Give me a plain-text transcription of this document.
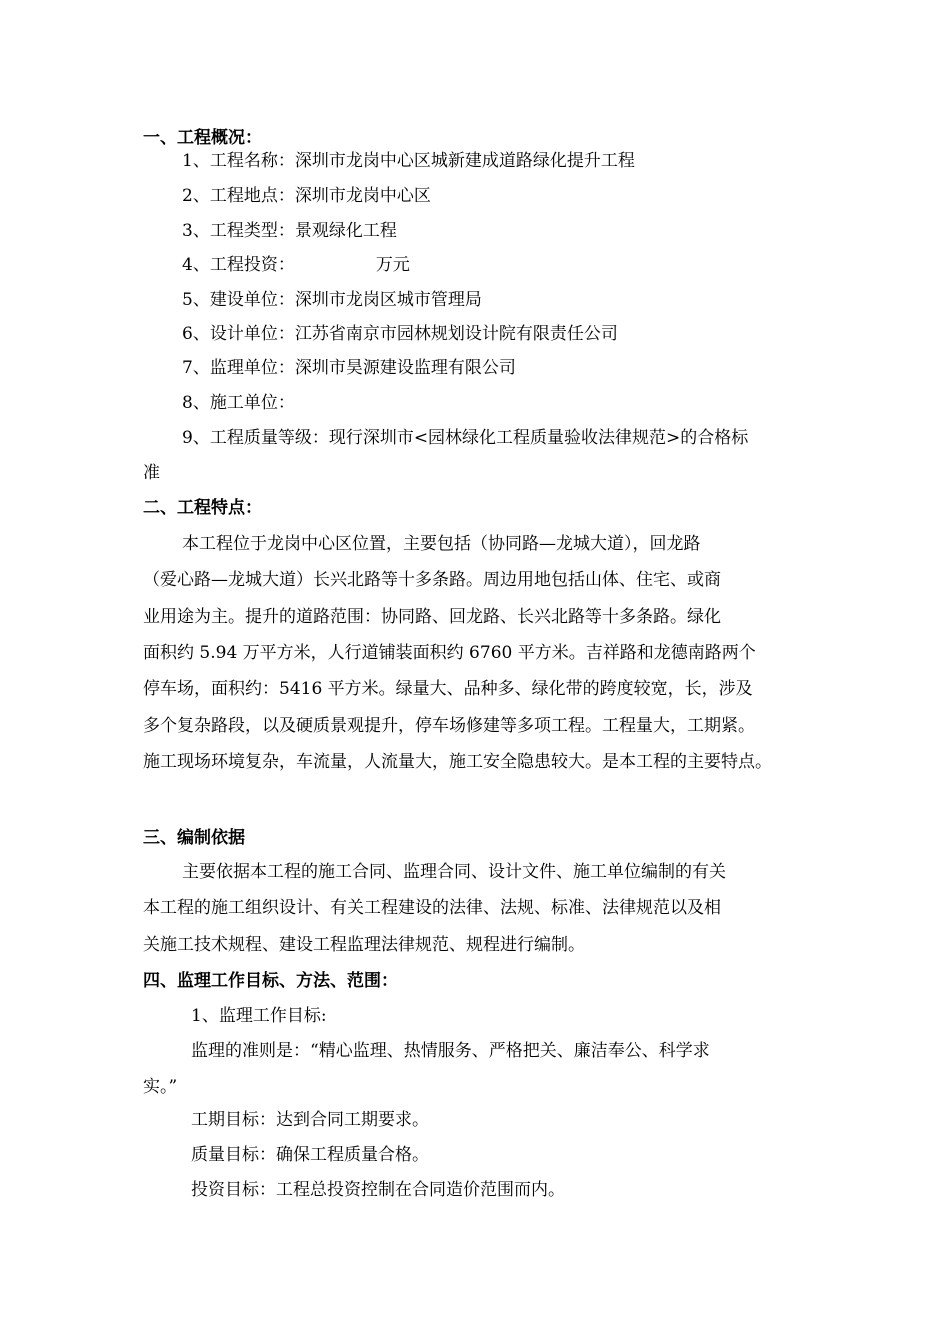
一、工程概况：
1、工程名称：深圳市龙岗中心区城新建成道路绿化提升工程
2、工程地点：深圳市龙岗中心区
3、工程类型：景观绿化工程
4、工程投资：               万元
5、建设单位：深圳市龙岗区城市管理局
6、设计单位：江苏省南京市园林规划设计院有限责任公司
7、监理单位：深圳市昊源建设监理有限公司
8、施工单位：
9、工程质量等级：现行深圳市<园林绿化工程质量验收法律规范>的合格标
准
二、工程特点：
本工程位于龙岗中心区位置，主要包括（协同路—龙城大道），回龙路
（爱心路—龙城大道）长兴北路等十多条路。周边用地包括山体、住宅、或商
业用途为主。提升的道路范围：协同路、回龙路、长兴北路等十多条路。绿化
面积约 5.94 万平方米，人行道铺装面积约 6760 平方米。吉祥路和龙德南路两个
停车场，面积约：5416 平方米。绿量大、品种多、绿化带的跨度较宽，长，涉及
多个复杂路段，以及硬质景观提升，停车场修建等多项工程。工程量大，工期紧。
施工现场环境复杂，车流量，人流量大，施工安全隐患较大。是本工程的主要特点。
三、编制依据
主要依据本工程的施工合同、监理合同、设计文件、施工单位编制的有关
本工程的施工组织设计、有关工程建设的法律、法规、标准、法律规范以及相
关施工技术规程、建设工程监理法律规范、规程进行编制。
四、监理工作目标、方法、范围：
1、监理工作目标:
监理的准则是：“精心监理、热情服务、严格把关、廉洁奉公、科学求
实。”
工期目标：达到合同工期要求。
质量目标：确保工程质量合格。
投资目标：工程总投资控制在合同造价范围而内。
